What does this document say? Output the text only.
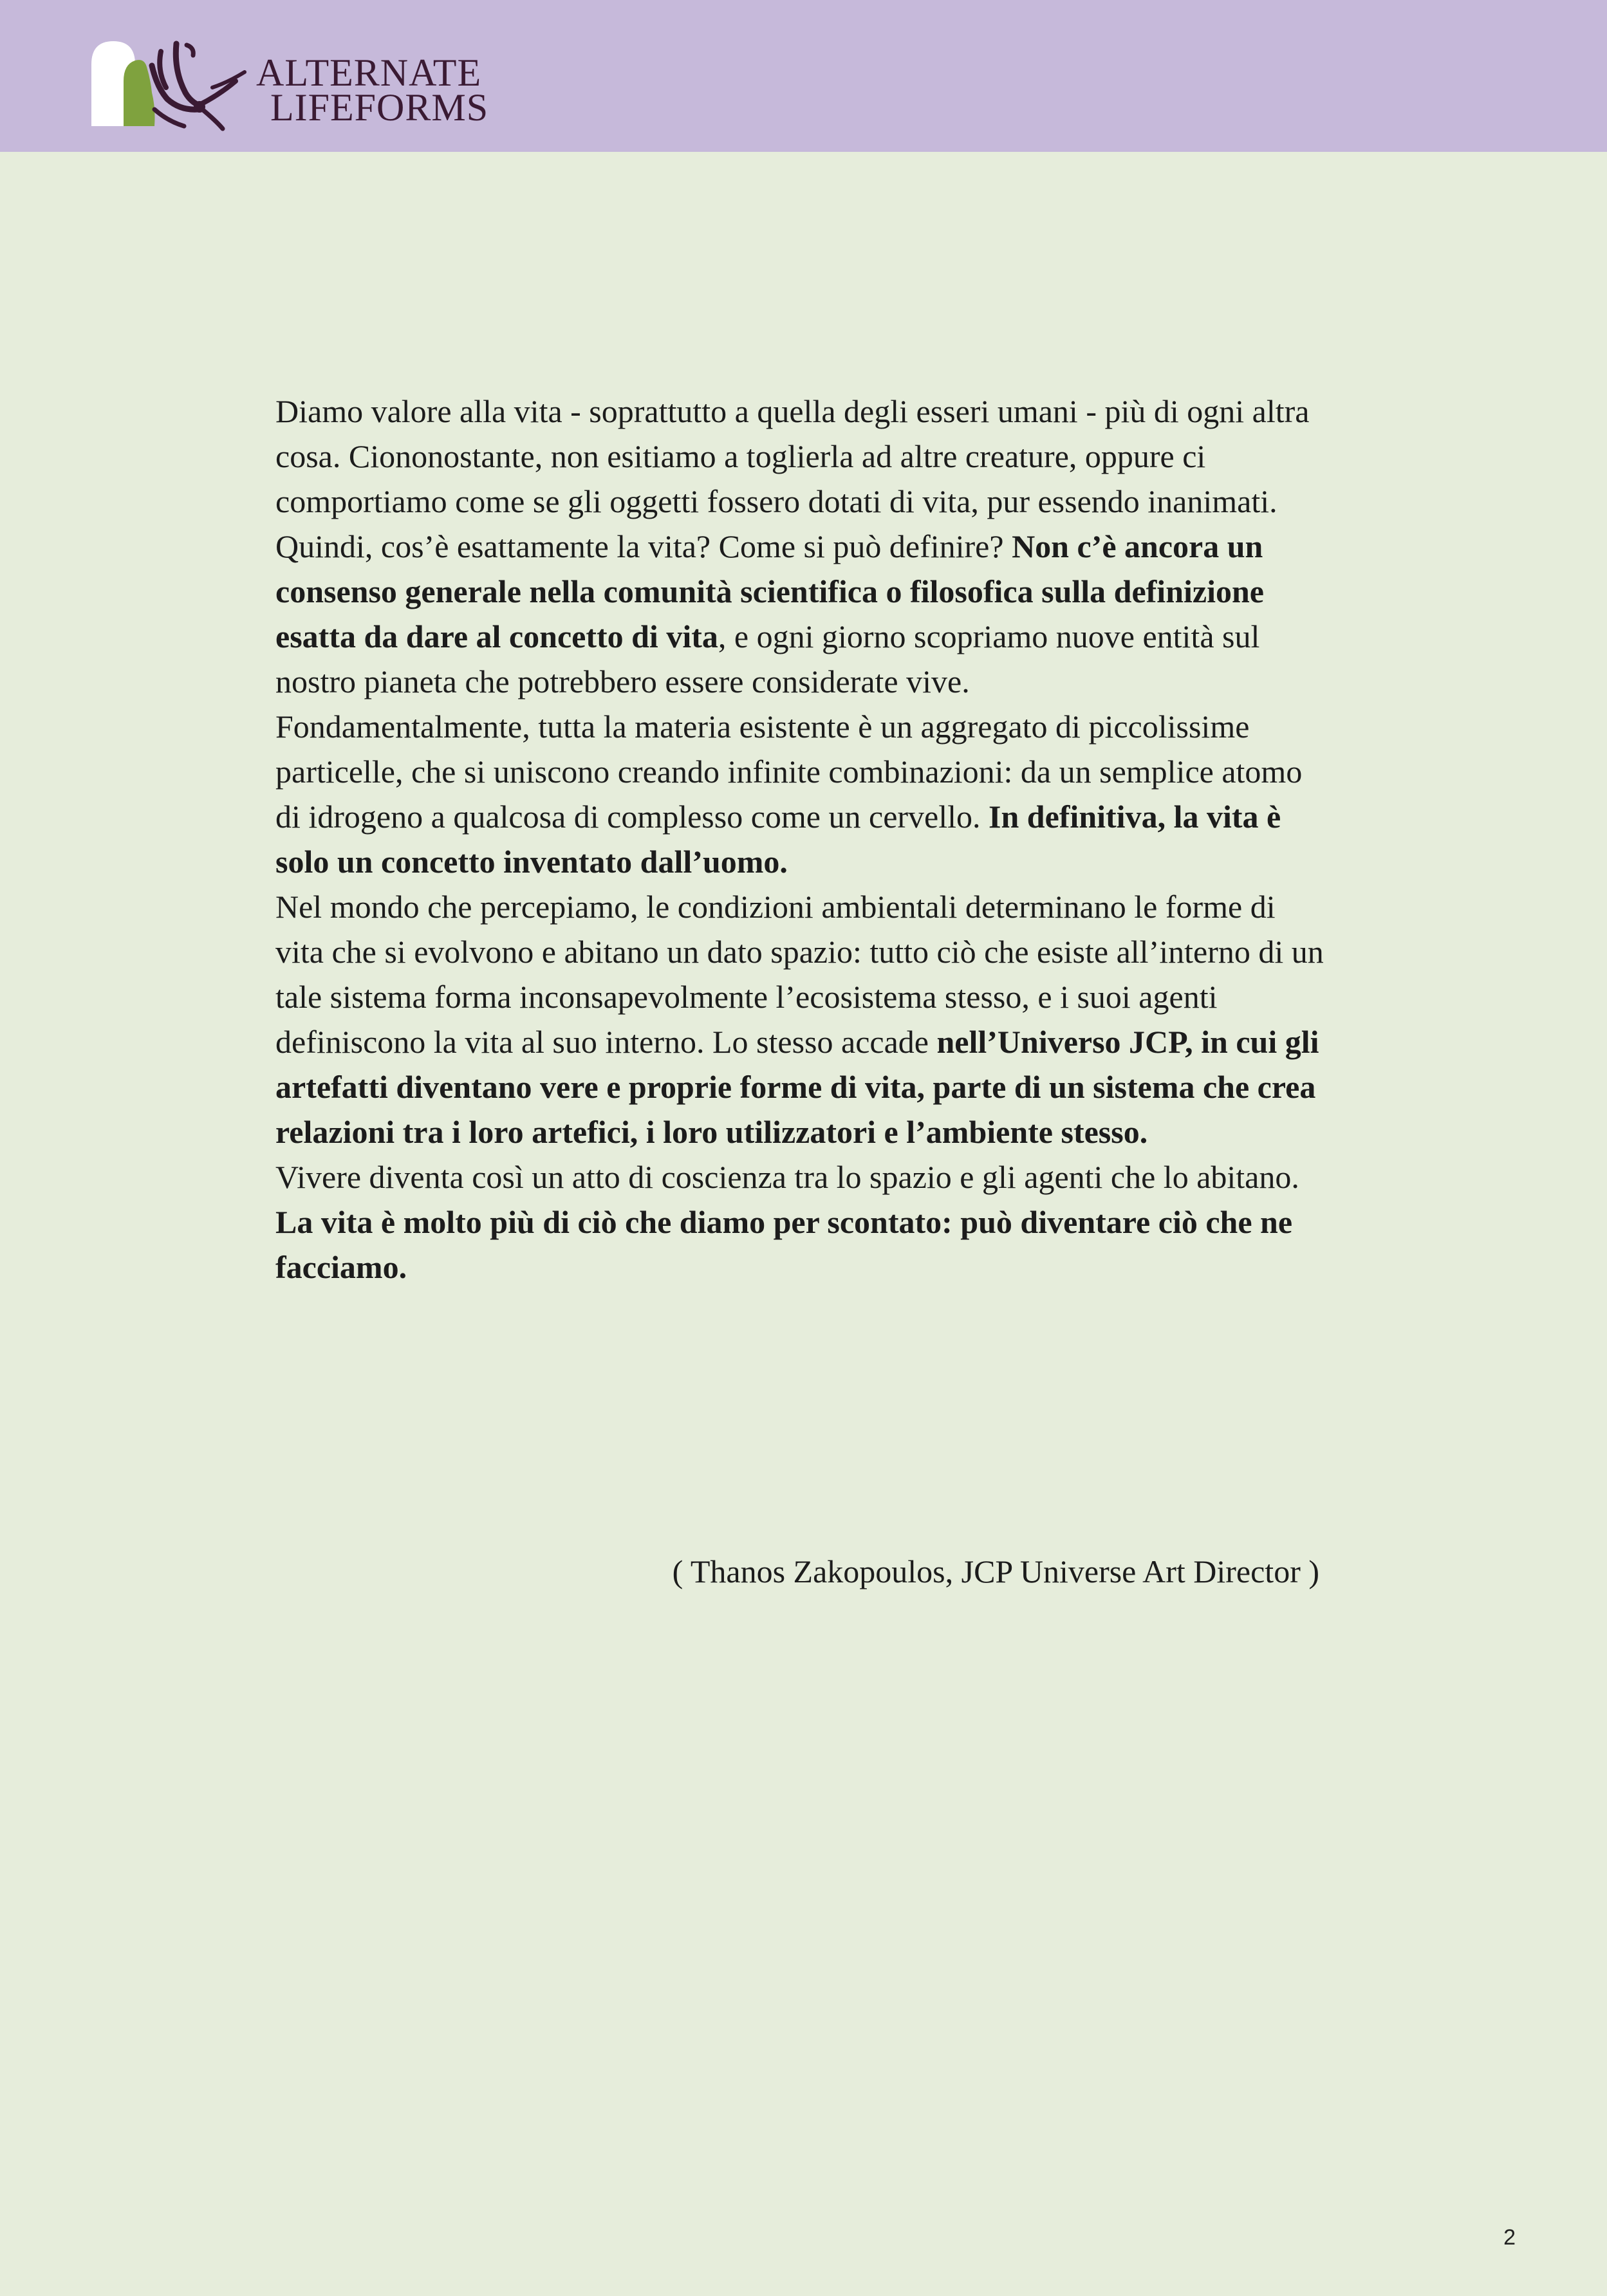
ALTERNATE
LIFEFORMS

Diamo valore alla vita - soprattutto a quella degli esseri umani - più di ogni altra cosa. Ciononostante, non esitiamo a toglierla ad altre creature, oppure ci comportiamo come se gli oggetti fossero dotati di vita, pur essendo inanimati.

Quindi, cos’è esattamente la vita? Come si può definire? Non c’è ancora un consenso generale nella comunità scientifica o filosofica sulla definizione esatta da dare al concetto di vita, e ogni giorno scopriamo nuove entità sul nostro pianeta che potrebbero essere considerate vive.

Fondamentalmente, tutta la materia esistente è un aggregato di piccolissime particelle, che si uniscono creando infinite combinazioni: da un semplice atomo di idrogeno a qualcosa di complesso come un cervello. In definitiva, la vita è solo un concetto inventato dall’uomo.

Nel mondo che percepiamo, le condizioni ambientali determinano le forme di vita che si evolvono e abitano un dato spazio: tutto ciò che esiste all’interno di un tale sistema forma inconsapevolmente l’ecosistema stesso, e i suoi agenti definiscono la vita al suo interno. Lo stesso accade nell’Universo JCP, in cui gli artefatti diventano vere e proprie forme di vita, parte di un sistema che crea relazioni tra i loro artefici, i loro utilizzatori e l’ambiente stesso.

Vivere diventa così un atto di coscienza tra lo spazio e gli agenti che lo abitano.

La vita è molto più di ciò che diamo per scontato: può diventare ciò che ne facciamo.

( Thanos Zakopoulos, JCP Universe Art Director )
2
